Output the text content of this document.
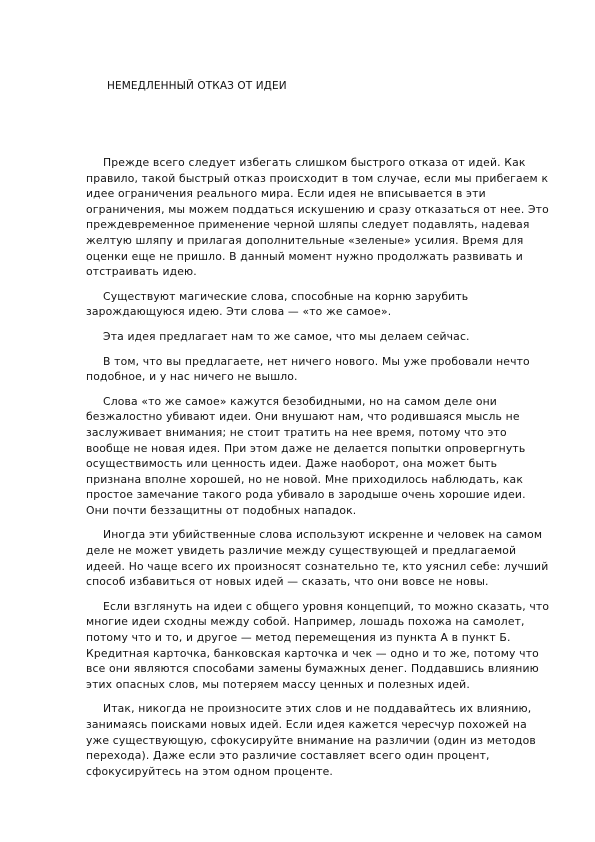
НЕМЕДЛЕННЫЙ ОТКАЗ ОТ ИДЕИ

Прежде всего следует избегать слишком быстрого отказа от идей. Как правило, такой быстрый отказ происходит в том случае, если мы прибегаем к идее ограничения реального мира. Если идея не вписывается в эти ограничения, мы можем поддаться искушению и сразу отказаться от нее. Это преждевременное применение черной шляпы следует подавлять, надевая желтую шляпу и прилагая дополнительные «зеленые» усилия. Время для оценки еще не пришло. В данный момент нужно продолжать развивать и отстраивать идею.

Существуют магические слова, способные на корню зарубить зарождающуюся идею. Эти слова — «то же самое».

Эта идея предлагает нам то же самое, что мы делаем сейчас.

В том, что вы предлагаете, нет ничего нового. Мы уже пробовали нечто подобное, и у нас ничего не вышло.

Слова «то же самое» кажутся безобидными, но на самом деле они безжалостно убивают идеи. Они внушают нам, что родившаяся мысль не заслуживает внимания; не стоит тратить на нее время, потому что это вообще не новая идея. При этом даже не делается попытки опровергнуть осуществимость или ценность идеи. Даже наоборот, она может быть признана вполне хорошей, но не новой. Мне приходилось наблюдать, как простое замечание такого рода убивало в зародыше очень хорошие идеи. Они почти беззащитны от подобных нападок.

Иногда эти убийственные слова используют искренне и человек на самом деле не может увидеть различие между существующей и предлагаемой идеей. Но чаще всего их произносят сознательно те, кто уяснил себе: лучший способ избавиться от новых идей — сказать, что они вовсе не новы.

Если взглянуть на идеи с общего уровня концепций, то можно сказать, что многие идеи сходны между собой. Например, лошадь похожа на самолет, потому что и то, и другое — метод перемещения из пункта А в пункт Б. Кредитная карточка, банковская карточка и чек — одно и то же, потому что все они являются способами замены бумажных денег. Поддавшись влиянию этих опасных слов, мы потеряем массу ценных и полезных идей.

Итак, никогда не произносите этих слов и не поддавайтесь их влиянию, занимаясь поисками новых идей. Если идея кажется чересчур похожей на уже существующую, сфокусируйте внимание на различии (один из методов перехода). Даже если это различие составляет всего один процент, сфокусируйтесь на этом одном проценте.
